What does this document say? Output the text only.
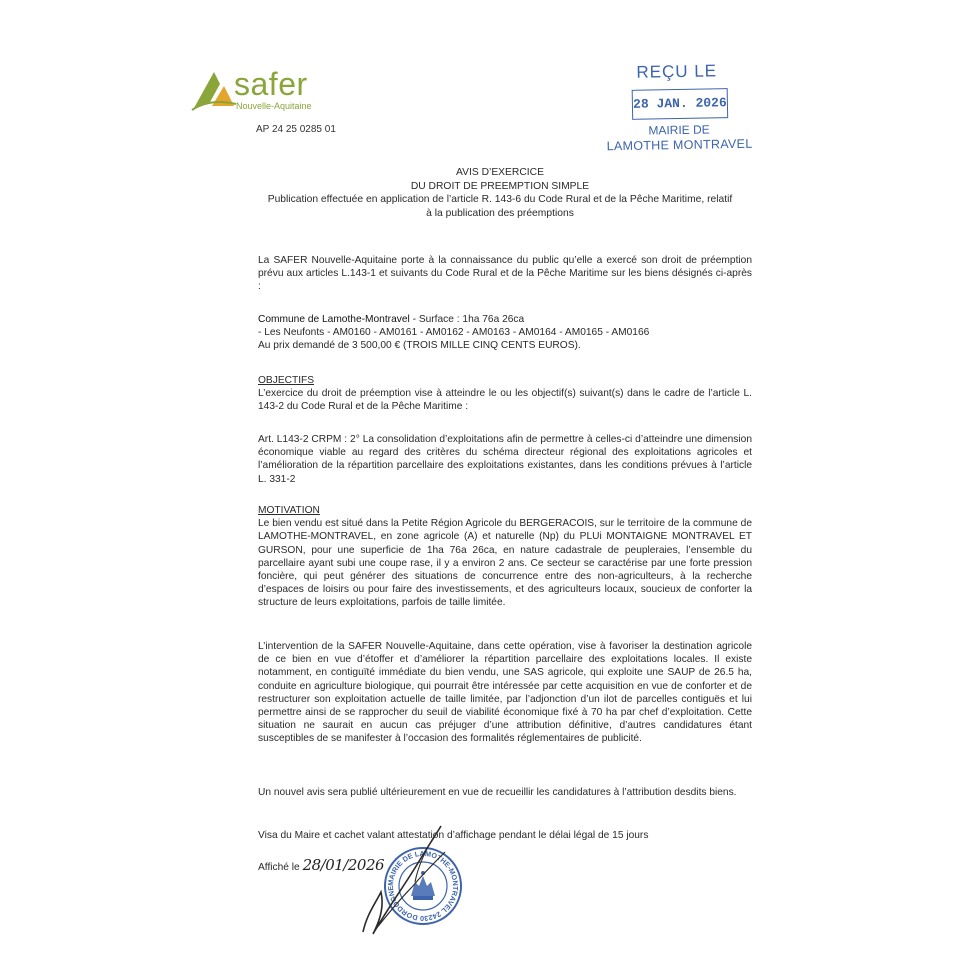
safer
Nouvelle-Aquitaine
AP 24 25 0285 01
REÇU LE
28 JAN. 2026
MAIRIE DE
LAMOTHE MONTRAVEL
AVIS D’EXERCICE
DU DROIT DE PREEMPTION SIMPLE
Publication effectuée en application de l’article R. 143-6 du Code Rural et de la Pêche Maritime, relatif
à la publication des préemptions

La SAFER Nouvelle-Aquitaine porte à la connaissance du public qu’elle a exercé son droit de préemption prévu aux articles L.143-1 et suivants du Code Rural et de la Pêche Maritime sur les biens désignés ci-après :

Commune de Lamothe-Montravel - Surface : 1ha 76a 26ca

- Les Neufonts - AM0160 - AM0161 - AM0162 - AM0163 - AM0164 - AM0165 - AM0166

Au prix demandé de 3 500,00 € (TROIS MILLE CINQ CENTS EUROS).

OBJECTIFS

L’exercice du droit de préemption vise à atteindre le ou les objectif(s) suivant(s) dans le cadre de l’article L. 143-2 du Code Rural et de la Pêche Maritime :

Art. L143-2 CRPM : 2° La consolidation d’exploitations afin de permettre à celles-ci d’atteindre une dimension économique viable au regard des critères du schéma directeur régional des exploitations agricoles et l’amélioration de la répartition parcellaire des exploitations existantes, dans les conditions prévues à l’article L. 331-2

MOTIVATION

Le bien vendu est situé dans la Petite Région Agricole du BERGERACOIS, sur le territoire de la commune de LAMOTHE-MONTRAVEL, en zone agricole (A) et naturelle (Np) du PLUi MONTAIGNE MONTRAVEL ET GURSON, pour une superficie de 1ha 76a 26ca, en nature cadastrale de peupleraies, l’ensemble du parcellaire ayant subi une coupe rase, il y a environ 2 ans. Ce secteur se caractérise par une forte pression foncière, qui peut générer des situations de concurrence entre des non-agriculteurs, à la recherche d’espaces de loisirs ou pour faire des investissements, et des agriculteurs locaux, soucieux de conforter la structure de leurs exploitations, parfois de taille limitée.

L’intervention de la SAFER Nouvelle-Aquitaine, dans cette opération, vise à favoriser la destination agricole de ce bien en vue d’étoffer et d’améliorer la répartition parcellaire des exploitations locales. Il existe notamment, en contiguïté immédiate du bien vendu, une SAS agricole, qui exploite une SAUP de 26.5 ha, conduite en agriculture biologique, qui pourrait être intéressée par cette acquisition en vue de conforter et de restructurer son exploitation actuelle de taille limitée, par l’adjonction d’un ilot de parcelles contiguës et lui permettre ainsi de se rapprocher du seuil de viabilité économique fixé à 70 ha par chef d’exploitation. Cette situation ne saurait en aucun cas préjuger d’une attribution définitive, d’autres candidatures étant susceptibles de se manifester à l’occasion des formalités réglementaires de publicité.

Un nouvel avis sera publié ultérieurement en vue de recueillir les candidatures à l’attribution desdits biens.

Visa du Maire et cachet valant attestation d’affichage pendant le délai légal de 15 jours

Affiché le 28/01/2026
MAIRIE DE LAMOTHE-MONTRAVEL 24230 DORDOGNE
